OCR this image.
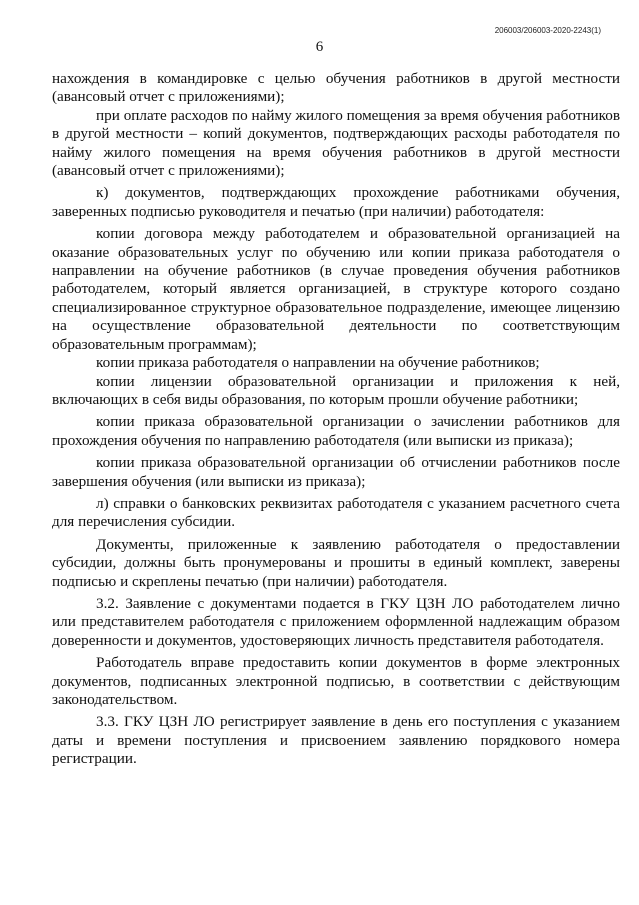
206003/206003-2020-2243(1)
6

нахождения в командировке с целью обучения работников в другой местности (авансовый отчет с приложениями);

при оплате расходов по найму жилого помещения за время обучения работников в другой местности – копий документов, подтверждающих расходы работодателя по найму жилого помещения на время обучения работников в другой местности (авансовый отчет с приложениями);

к) документов, подтверждающих прохождение работниками обучения, заверенных подписью руководителя и печатью (при наличии) работодателя:

копии договора между работодателем и образовательной организацией на оказание образовательных услуг по обучению или копии приказа работодателя о направлении на обучение работников (в случае проведения обучения работников работодателем, который является организацией, в структуре которого создано специализированное структурное образовательное подразделение, имеющее лицензию на осуществление образовательной деятельности по соответствующим образовательным программам);

копии приказа работодателя о направлении на обучение работников;

копии лицензии образовательной организации и приложения к ней, включающих в себя виды образования, по которым прошли обучение работники;

копии приказа образовательной организации о зачислении работников для прохождения обучения по направлению работодателя (или выписки из приказа);

копии приказа образовательной организации об отчислении работников после завершения обучения (или выписки из приказа);

л) справки о банковских реквизитах работодателя с указанием расчетного счета для перечисления субсидии.

Документы, приложенные к заявлению работодателя о предоставлении субсидии, должны быть пронумерованы и прошиты в единый комплект, заверены подписью и скреплены печатью (при наличии) работодателя.

3.2. Заявление с документами подается в ГКУ ЦЗН ЛО работодателем лично или представителем работодателя с приложением оформленной надлежащим образом доверенности и документов, удостоверяющих личность представителя работодателя.

Работодатель вправе предоставить копии документов в форме электронных документов, подписанных электронной подписью, в соответствии с действующим законодательством.

3.3. ГКУ ЦЗН ЛО регистрирует заявление в день его поступления с указанием даты и времени поступления и присвоением заявлению порядкового номера регистрации.
